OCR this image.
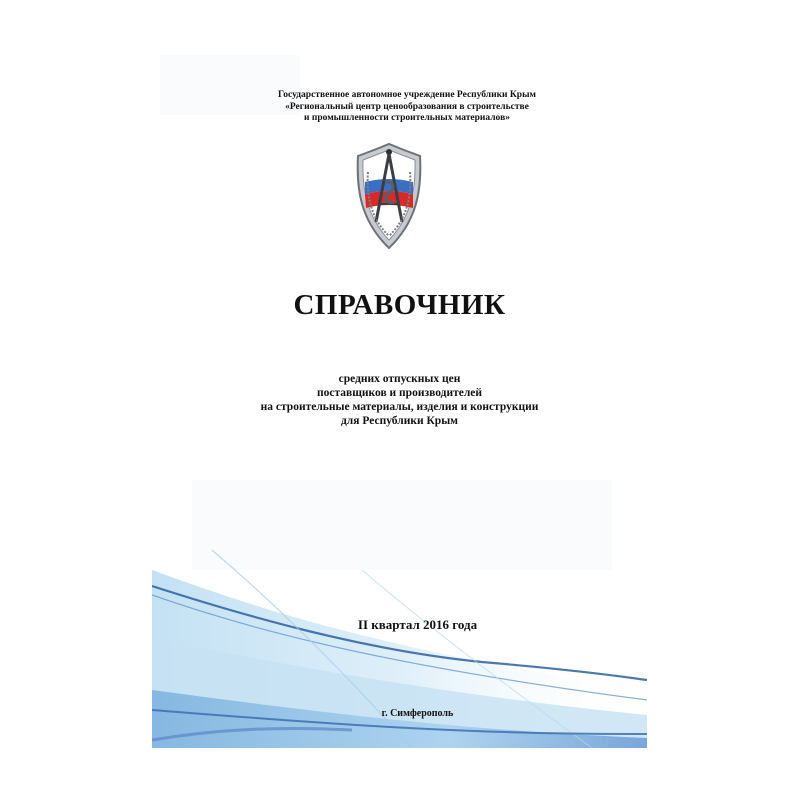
Государственное автономное учреждение Республики Крым
«Региональный центр ценообразования в строительстве
и промышленности строительных материалов»
СПРАВОЧНИК
средних отпускных цен
поставщиков и производителей
на строительные материалы, изделия и конструкции
для Республики Крым
II квартал 2016 года
г. Симферополь
